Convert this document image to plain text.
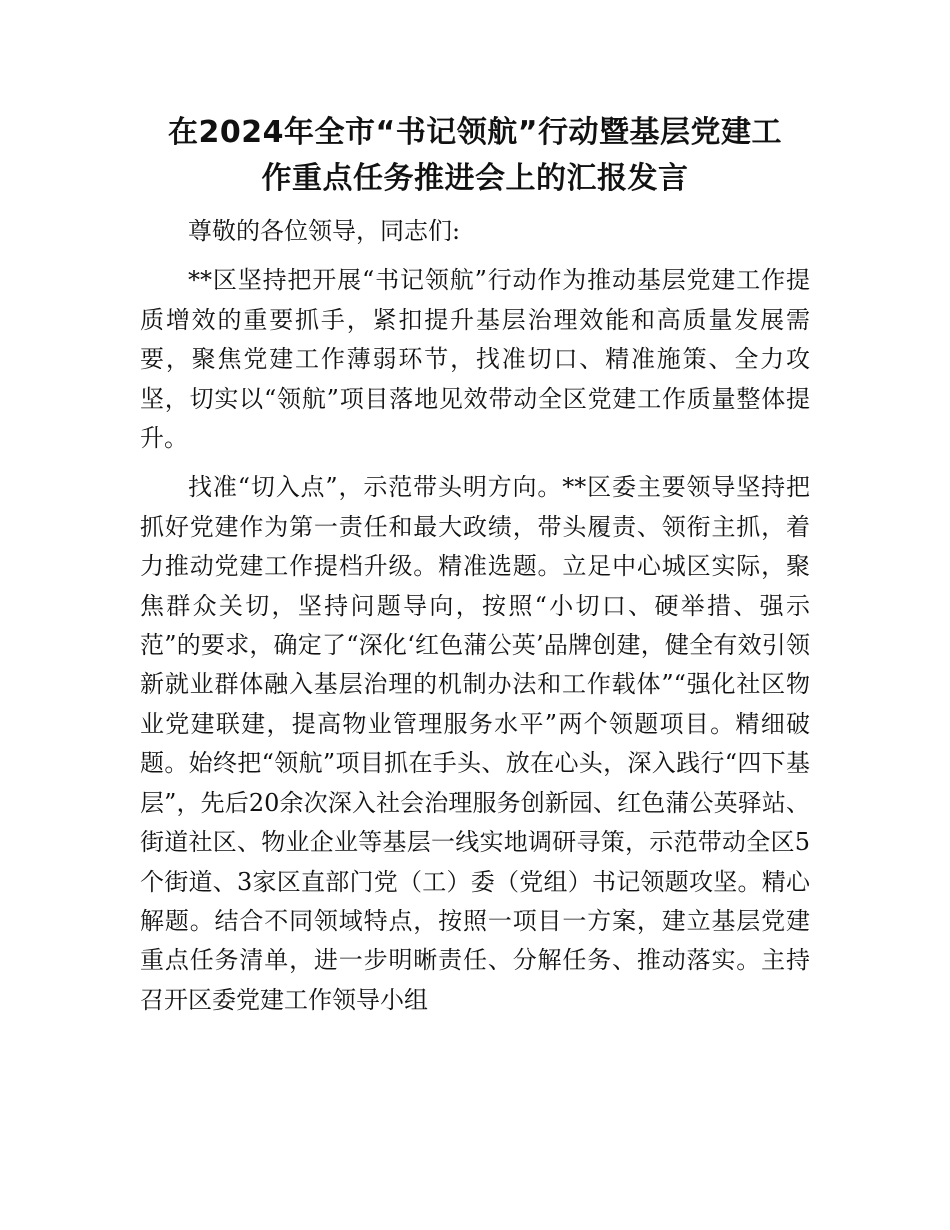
在2024年全市“书记领航”行动暨基层党建工
作重点任务推进会上的汇报发言

尊敬的各位领导，同志们:

**区坚持把开展“书记领航”行动作为推动基层党建工作提质增效的重要抓手，紧扣提升基层治理效能和高质量发展需要，聚焦党建工作薄弱环节，找准切口、精准施策、全力攻坚，切实以“领航”项目落地见效带动全区党建工作质量整体提升。

找准“切入点”，示范带头明方向。**区委主要领导坚持把抓好党建作为第一责任和最大政绩，带头履责、领衔主抓，着力推动党建工作提档升级。精准选题。立足中心城区实际，聚焦群众关切，坚持问题导向，按照“小切口、硬举措、强示范”的要求，确定了“深化‘红色蒲公英’品牌创建，健全有效引领新就业群体融入基层治理的机制办法和工作载体”“强化社区物业党建联建，提高物业管理服务水平”两个领题项目。精细破题。始终把“领航”项目抓在手头、放在心头，深入践行“四下基层”，先后20余次深入社会治理服务创新园、红色蒲公英驿站、街道社区、物业企业等基层一线实地调研寻策，示范带动全区5个街道、3家区直部门党（工）委（党组）书记领题攻坚。精心解题。结合不同领域特点，按照一项目一方案，建立基层党建重点任务清单，进一步明晰责任、分解任务、推动落实。主持召开区委党建工作领导小组
